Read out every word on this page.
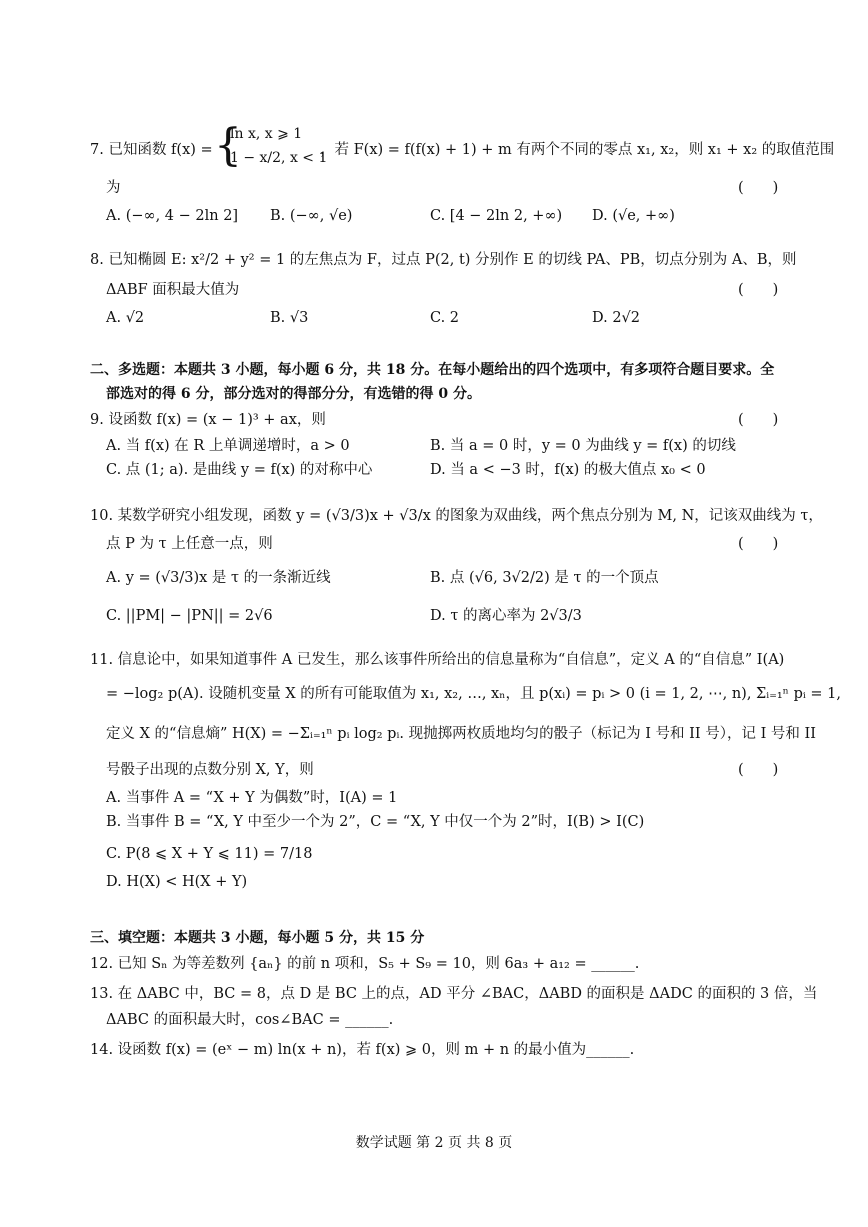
7. 已知函数 f(x) = {
ln x, x ⩾ 1
1 − x/2, x < 1
，若 F(x) = f(f(x) + 1) + m 有两个不同的零点 x₁, x₂，则 x₁ + x₂ 的取值范围
为	(　　)
A. (−∞, 4 − 2ln 2] B. (−∞, √e)	C. [4 − 2ln 2, +∞) D. (√e, +∞)
8. 已知椭圆 E: x²/2 + y² = 1 的左焦点为 F，过点 P(2, t) 分别作 E 的切线 PA、PB，切点分别为 A、B，则
ΔABF 面积最大值为	(　　)
A. √2	B. √3	C. 2	D. 2√2
二、多选题：本题共 3 小题，每小题 6 分，共 18 分。在每小题给出的四个选项中，有多项符合题目要求。全
部选对的得 6 分，部分选对的得部分分，有选错的得 0 分。
9. 设函数 f(x) = (x − 1)³ + ax，则	(　　)
A. 当 f(x) 在 R 上单调递增时，a > 0	B. 当 a = 0 时，y = 0 为曲线 y = f(x) 的切线
C. 点 (1; a). 是曲线 y = f(x) 的对称中心	D. 当 a < −3 时，f(x) 的极大值点 x₀ < 0
10. 某数学研究小组发现，函数 y = (√3/3)x + √3/x 的图象为双曲线，两个焦点分别为 M, N，记该双曲线为 τ，
点 P 为 τ 上任意一点，则	(　　)
A. y = (√3/3)x 是 τ 的一条渐近线	B. 点 (√6, 3√2/2) 是 τ 的一个顶点
C. ||PM| − |PN|| = 2√6	D. τ 的离心率为 2√3/3
11. 信息论中，如果知道事件 A 已发生，那么该事件所给出的信息量称为“自信息”，定义 A 的“自信息” I(A)
= −log₂ p(A). 设随机变量 X 的所有可能取值为 x₁, x₂, …, xₙ，且 p(xᵢ) = pᵢ > 0 (i = 1, 2, ⋯, n), Σᵢ₌₁ⁿ pᵢ = 1,
定义 X 的“信息熵” H(X) = −Σᵢ₌₁ⁿ pᵢ log₂ pᵢ. 现抛掷两枚质地均匀的骰子（标记为 I 号和 II 号），记 I 号和 II
号骰子出现的点数分别 X, Y，则	(　　)
A. 当事件 A = “X + Y 为偶数”时，I(A) = 1
B. 当事件 B = “X, Y 中至少一个为 2”，C = “X, Y 中仅一个为 2”时，I(B) > I(C)
C. P(8 ⩽ X + Y ⩽ 11) = 7/18
D. H(X) < H(X + Y)
三、填空题：本题共 3 小题，每小题 5 分，共 15 分
12. 已知 Sₙ 为等差数列 {aₙ} 的前 n 项和，S₅ + S₉ = 10，则 6a₃ + a₁₂ = ______.
13. 在 ΔABC 中，BC = 8，点 D 是 BC 上的点，AD 平分 ∠BAC，ΔABD 的面积是 ΔADC 的面积的 3 倍，当
ΔABC 的面积最大时，cos∠BAC = ______.
14. 设函数 f(x) = (eˣ − m) ln(x + n)，若 f(x) ⩾ 0，则 m + n 的最小值为______.
数学试题 第 2 页 共 8 页
